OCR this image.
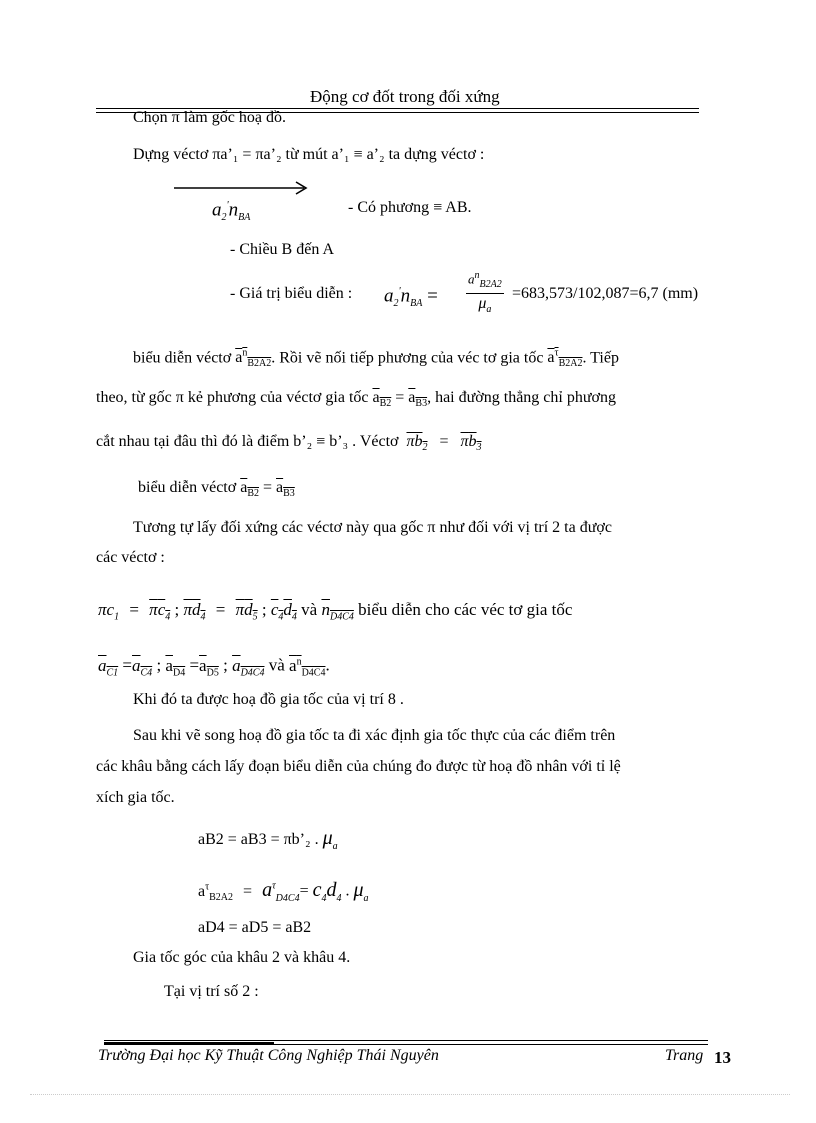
Động cơ đốt trong đối xứng
Chọn π làm gốc hoạ đồ.
Dựng véctơ πa’₁ = πa’₂ từ mút a’₁ ≡ a’₂ ta dựng véctơ :
$a_2'n_{BA}$
- Có phương ≡ AB.
- Chiều B đến A
- Giá trị biểu diễn : $a_2'n_{BA}$ =
$a^n_{B2A2}$
$\mu_a$
=683,573/102,087=6,7 (mm)
biểu diễn véctơ $a^n_{B2A2}$. Rồi vẽ nối tiếp phương của véc tơ gia tốc $a^\tau_{B2A2}$. Tiếp
theo, từ gốc π kẻ phương của véctơ gia tốc $a_{B2} = a_{B3}$, hai đường thẳng chỉ phương
cắt nhau tại đâu thì đó là điểm b’₂ ≡ b’₃ . Véctơ $\pi b_2 = \pi b_3$
biểu diễn véctơ $a_{B2} = a_{B3}$
Tương tự lấy đối xứng các véctơ này qua gốc π như đối với vị trí 2 ta được
các véctơ :
$\pi c_1 = \pi c_4$ ; $\pi d_4 = \pi d_5$ ; $c_4d_4$ và $n_{D4C4}$ biểu diễn cho các véc tơ gia tốc
$a_{C1} =a_{C4}$ ; $a_{D4} =a_{D5}$ ; $a_{D4C4}$ và $a^n_{D4C4}$.
Khi đó ta được hoạ đồ gia tốc của vị trí 8 .
Sau khi vẽ song hoạ đồ gia tốc ta đi xác định gia tốc thực của các điểm trên
các khâu bằng cách lấy đoạn biểu diễn của chúng đo được từ hoạ đồ nhân với tỉ lệ
xích gia tốc.
aB2 = aB3 = πb’₂ . $\mu_a$
$a^\tau_{B2A2} = a^\tau_{D4C4}= c_4d_4$ . $\mu_a$
aD4 = aD5 = aB2
Gia tốc góc của khâu 2 và khâu 4.
Tại vị trí số 2 :
Trường Đại học Kỹ Thuật Công Nghiệp Thái Nguyên	Trang 13
